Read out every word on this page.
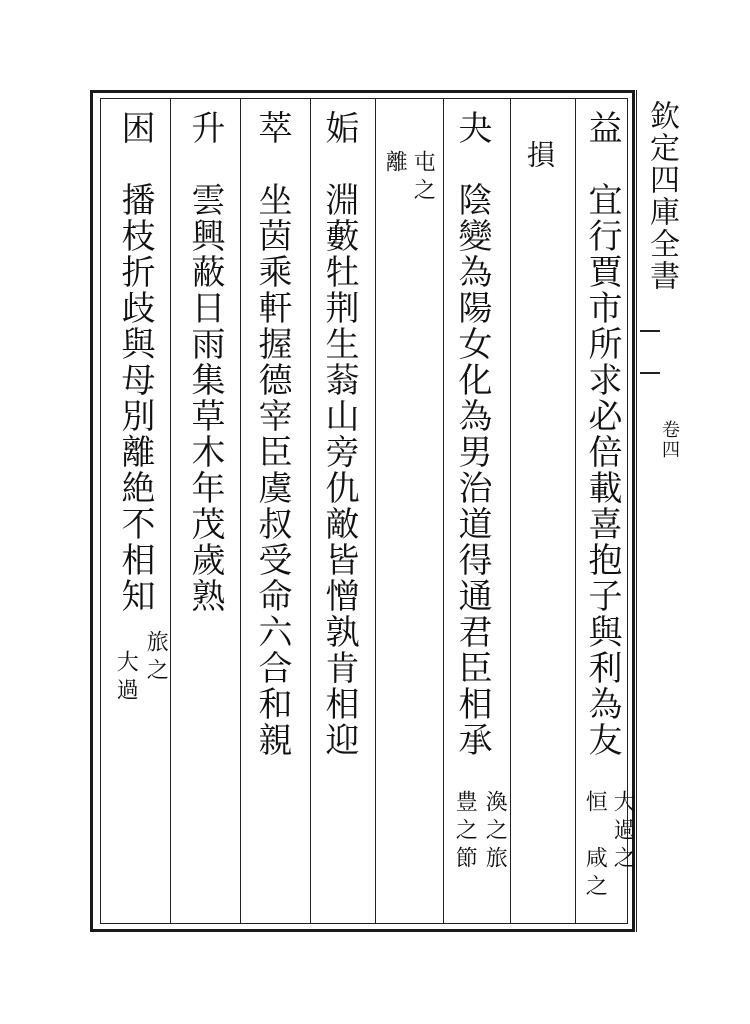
欽定四庫全書
卷四
益　宜行賈市所求必倍載喜抱子與利為友
大過之
恒　咸之
損
夬　陰變為陽女化為男治道得通君臣相承
渙之旅
豊之節
屯之
離
姤　淵藪牡荆生蓊山旁仇敵皆憎孰肯相迎
萃　坐茵乘軒握德宰臣虞叔受命六合和親
升　雲興蔽日雨集草木年茂歲熟
困　播枝折歧與母別離絶不相知
旅之
大過
